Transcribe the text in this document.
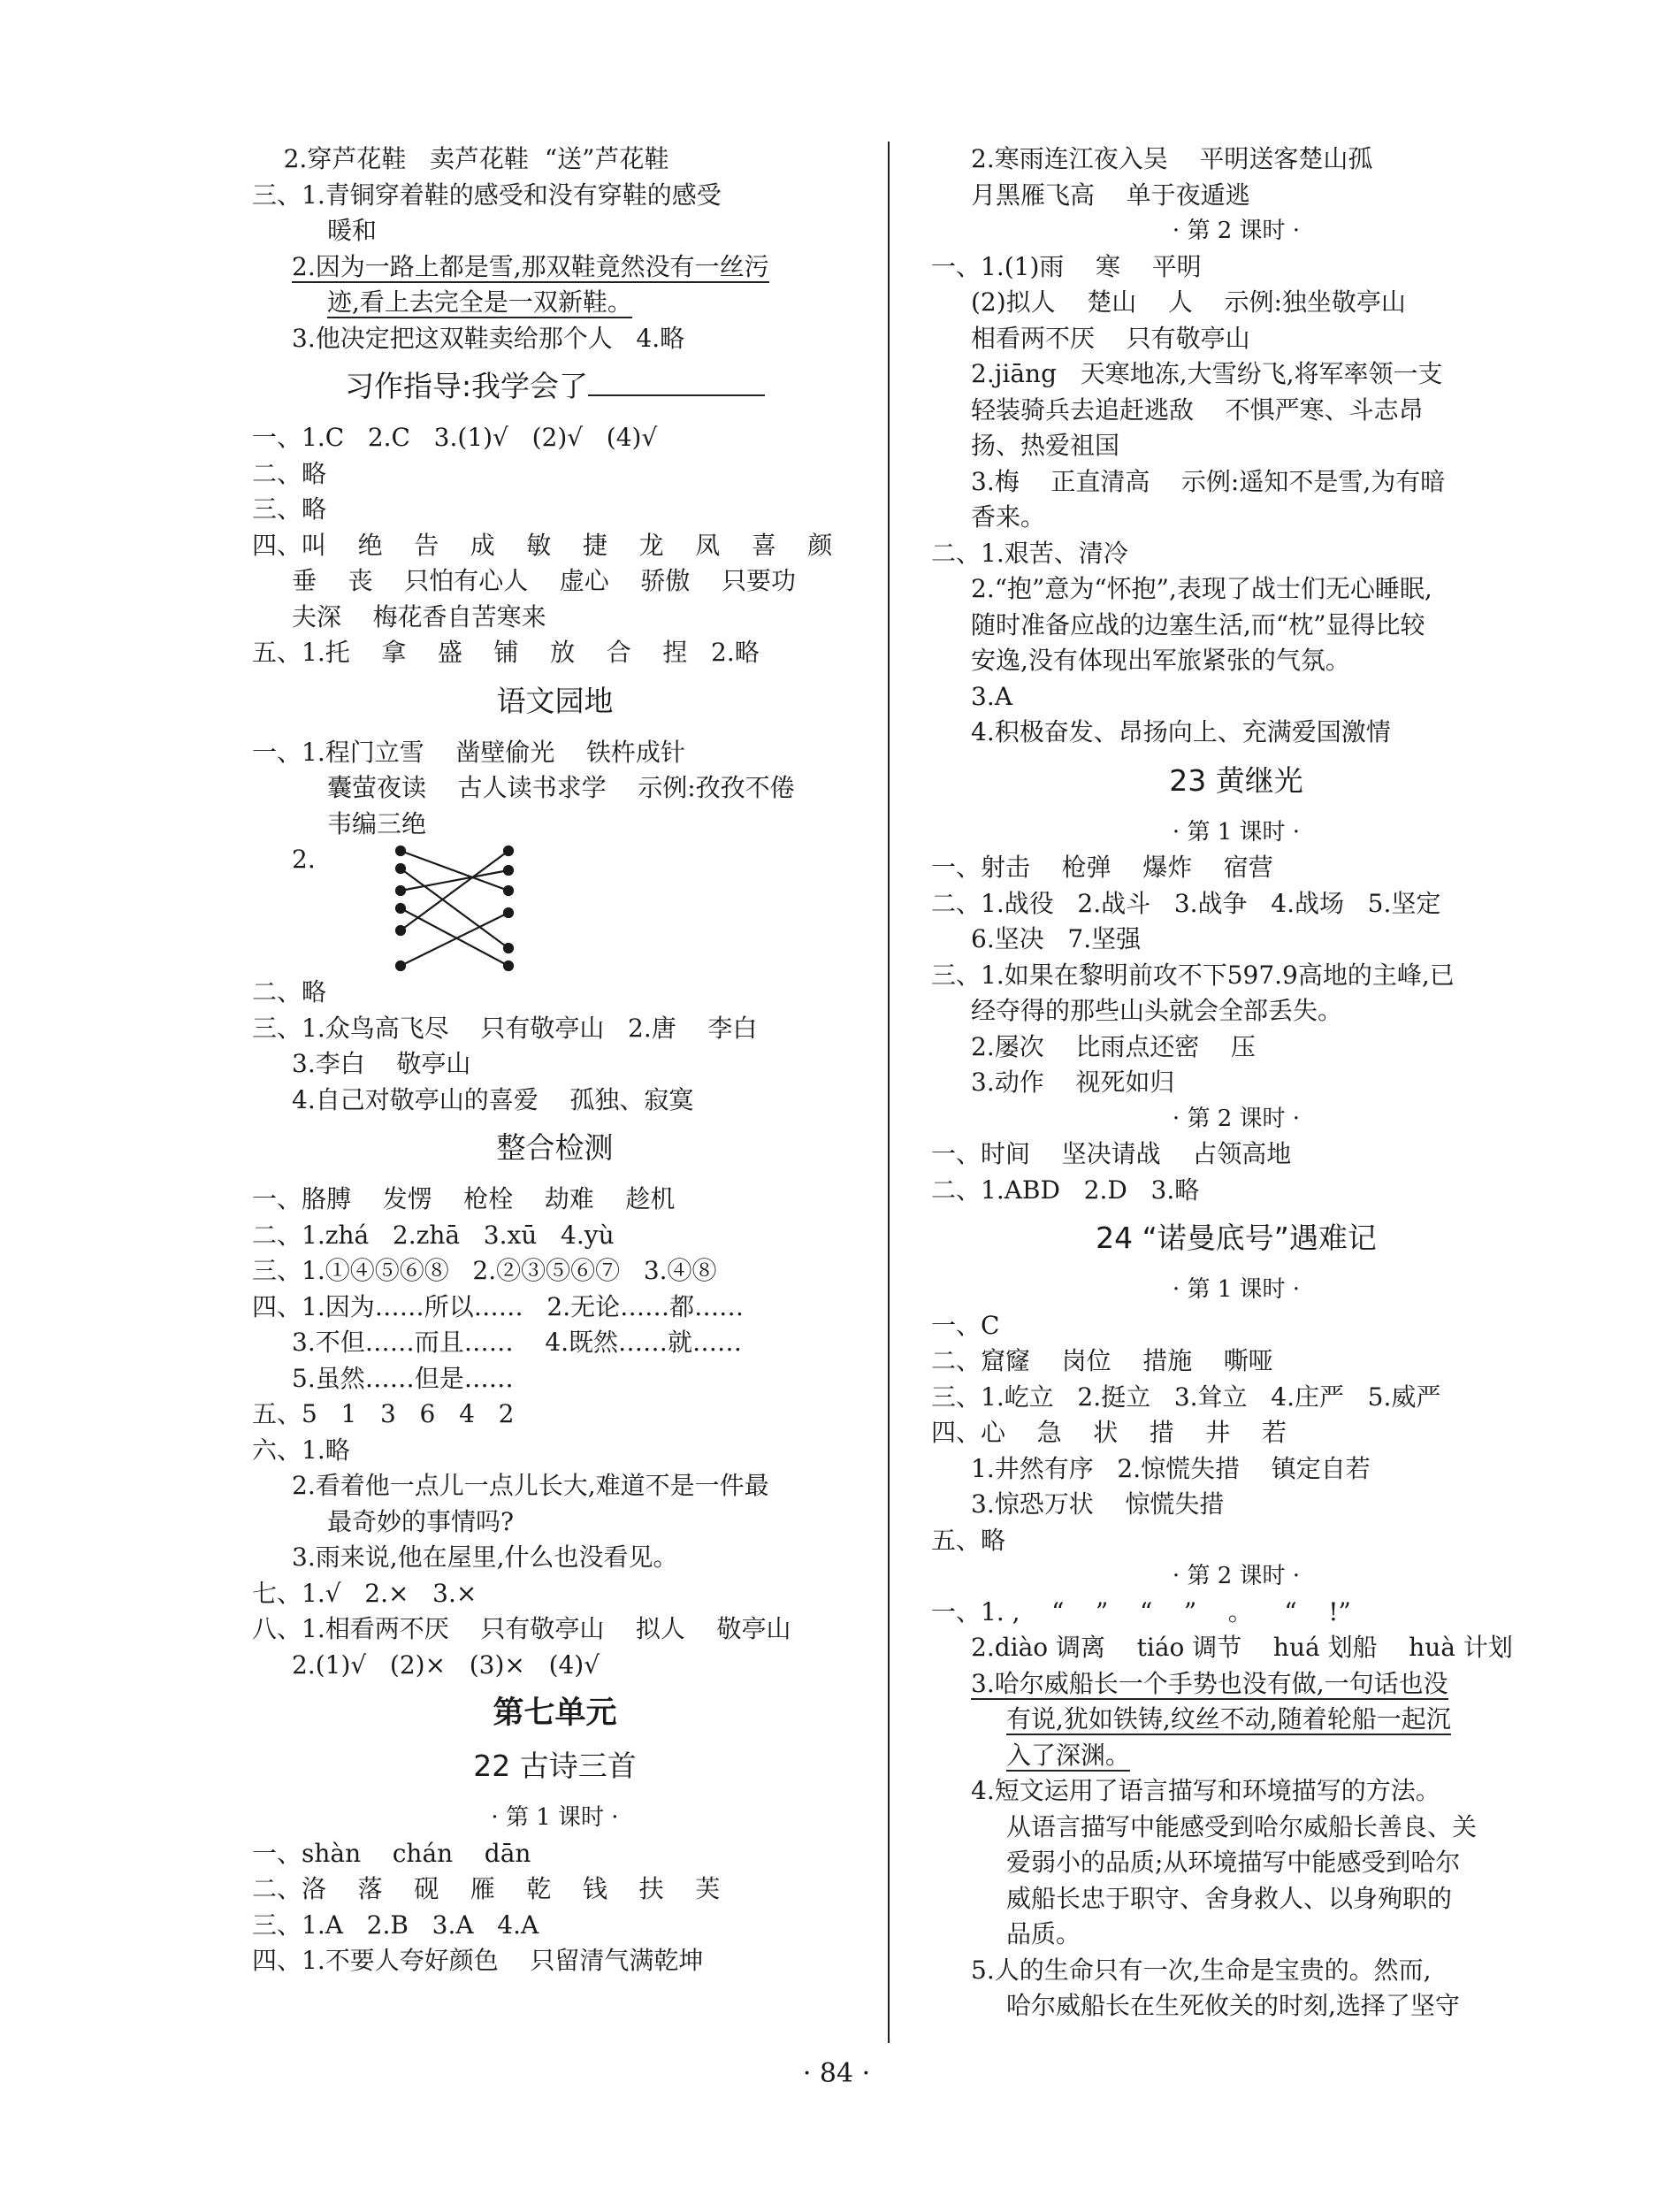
2.穿芦花鞋   卖芦花鞋  “送”芦花鞋
三、1.青铜穿着鞋的感受和没有穿鞋的感受
暖和
2.因为一路上都是雪,那双鞋竟然没有一丝污
迹,看上去完全是一双新鞋。
3.他决定把这双鞋卖给那个人   4.略
习作指导:我学会了
一、1.C   2.C   3.(1)√   (2)√   (4)√
二、略
三、略
四、叫    绝    告    成    敏    捷    龙    凤    喜    颜
垂    丧    只怕有心人    虚心    骄傲    只要功
夫深    梅花香自苦寒来
五、1.托    拿    盛    铺    放    合    捏   2.略
语文园地
一、1.程门立雪    凿壁偷光    铁杵成针
囊萤夜读    古人读书求学    示例:孜孜不倦
韦编三绝
2.
二、略
三、1.众鸟高飞尽    只有敬亭山   2.唐    李白
3.李白    敬亭山
4.自己对敬亭山的喜爱    孤独、寂寞
整合检测
一、胳膊    发愣    枪栓    劫难    趁机
二、1.zhá   2.zhā   3.xū   4.yù
三、1.①④⑤⑥⑧   2.②③⑤⑥⑦   3.④⑧
四、1.因为……所以……   2.无论……都……
3.不但……而且……    4.既然……就……
5.虽然……但是……
五、5   1   3   6   4   2
六、1.略
2.看着他一点儿一点儿长大,难道不是一件最
最奇妙的事情吗?
3.雨来说,他在屋里,什么也没看见。
七、1.√   2.×   3.×
八、1.相看两不厌    只有敬亭山    拟人    敬亭山
2.(1)√   (2)×   (3)×   (4)√
第七单元
22 古诗三首
· 第 1 课时 ·
一、shàn    chán    dān
二、洛    落    砚    雁    乾    钱    扶    芙
三、1.A   2.B   3.A   4.A
四、1.不要人夸好颜色    只留清气满乾坤
2.寒雨连江夜入吴    平明送客楚山孤
月黑雁飞高    单于夜遁逃
· 第 2 课时 ·
一、1.(1)雨    寒    平明
(2)拟人    楚山    人    示例:独坐敬亭山
相看两不厌    只有敬亭山
2.jiāng   天寒地冻,大雪纷飞,将军率领一支
轻装骑兵去追赶逃敌    不惧严寒、斗志昂
扬、热爱祖国
3.梅    正直清高    示例:遥知不是雪,为有暗
香来。
二、1.艰苦、清冷
2.“抱”意为“怀抱”,表现了战士们无心睡眠,
随时准备应战的边塞生活,而“枕”显得比较
安逸,没有体现出军旅紧张的气氛。
3.A
4.积极奋发、昂扬向上、充满爱国激情
23 黄继光
· 第 1 课时 ·
一、射击    枪弹    爆炸    宿营
二、1.战役   2.战斗   3.战争   4.战场   5.坚定
6.坚决   7.坚强
三、1.如果在黎明前攻不下597.9高地的主峰,已
经夺得的那些山头就会全部丢失。
2.屡次    比雨点还密    压
3.动作    视死如归
· 第 2 课时 ·
一、时间    坚决请战    占领高地
二、1.ABD   2.D   3.略
24 “诺曼底号”遇难记
· 第 1 课时 ·
一、C
二、窟窿    岗位    措施    嘶哑
三、1.屹立   2.挺立   3.耸立   4.庄严   5.威严
四、心    急    状    措    井    若
1.井然有序   2.惊慌失措    镇定自若
3.惊恐万状    惊慌失措
五、略
· 第 2 课时 ·
一、1. ,    “    ”    “    ”    。    “    !”
2.diào 调离    tiáo 调节    huá 划船    huà 计划
3.哈尔威船长一个手势也没有做,一句话也没
有说,犹如铁铸,纹丝不动,随着轮船一起沉
入了深渊。
4.短文运用了语言描写和环境描写的方法。
从语言描写中能感受到哈尔威船长善良、关
爱弱小的品质;从环境描写中能感受到哈尔
威船长忠于职守、舍身救人、以身殉职的
品质。
5.人的生命只有一次,生命是宝贵的。然而,
哈尔威船长在生死攸关的时刻,选择了坚守
· 84 ·
